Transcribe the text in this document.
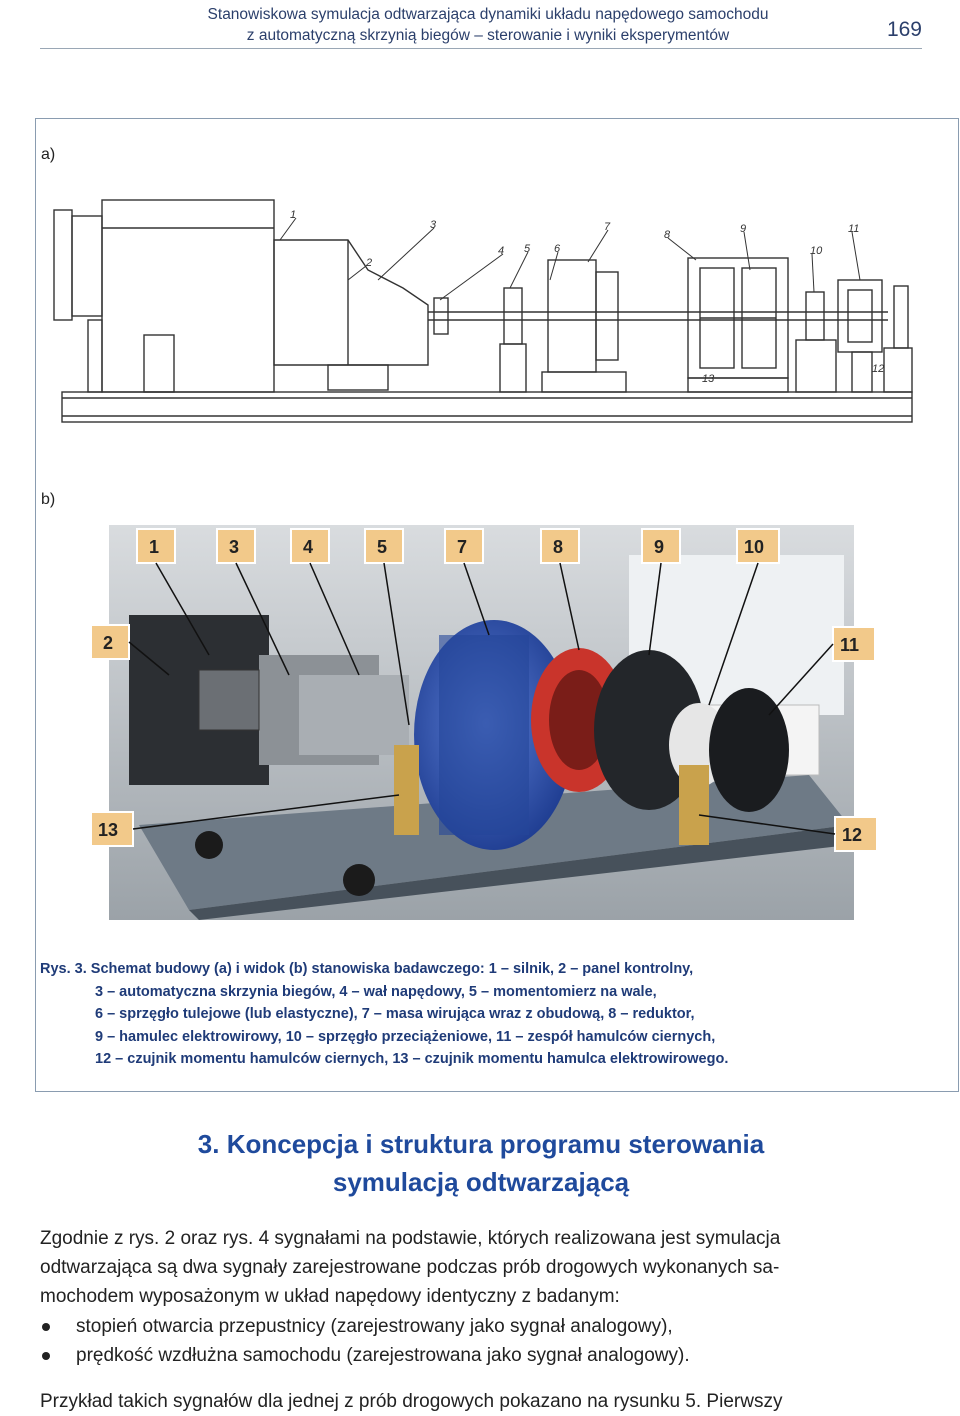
Stanowiskowa symulacja odtwarzająca dynamiki układu napędowego samochodu
z automatyczną skrzynią biegów – sterowanie i wyniki eksperymentów	169
a)
1
2
3
4 5 6
7
8	9
10
11
12
13
b)
1	3	4	5	7	8	9	10
2	11
13	12
Rys. 3. Schemat budowy (a) i widok (b) stanowiska badawczego: 1 – silnik, 2 – panel kontrolny,
3 – automatyczna skrzynia biegów, 4 – wał napędowy, 5 – momentomierz na wale,
6 – sprzęgło tulejowe (lub elastyczne), 7 – masa wirująca wraz z obudową, 8 – reduktor,
9 – hamulec elektrowirowy, 10 – sprzęgło przeciążeniowe, 11 – zespół hamulców ciernych,
12 – czujnik momentu hamulców ciernych, 13 – czujnik momentu hamulca elektrowirowego.
3. Koncepcja i struktura programu sterowania
symulacją odtwarzającą
Zgodnie z rys. 2 oraz rys. 4 sygnałami na podstawie, których realizowana jest symulacja
odtwarzająca są dwa sygnały zarejestrowane podczas prób drogowych wykonanych sa-
mochodem wyposażonym w układ napędowy identyczny z badanym:
stopień otwarcia przepustnicy (zarejestrowany jako sygnał analogowy),
prędkość wzdłużna samochodu (zarejestrowana jako sygnał analogowy).
Przykład takich sygnałów dla jednej z prób drogowych pokazano na rysunku 5. Pierwszy
